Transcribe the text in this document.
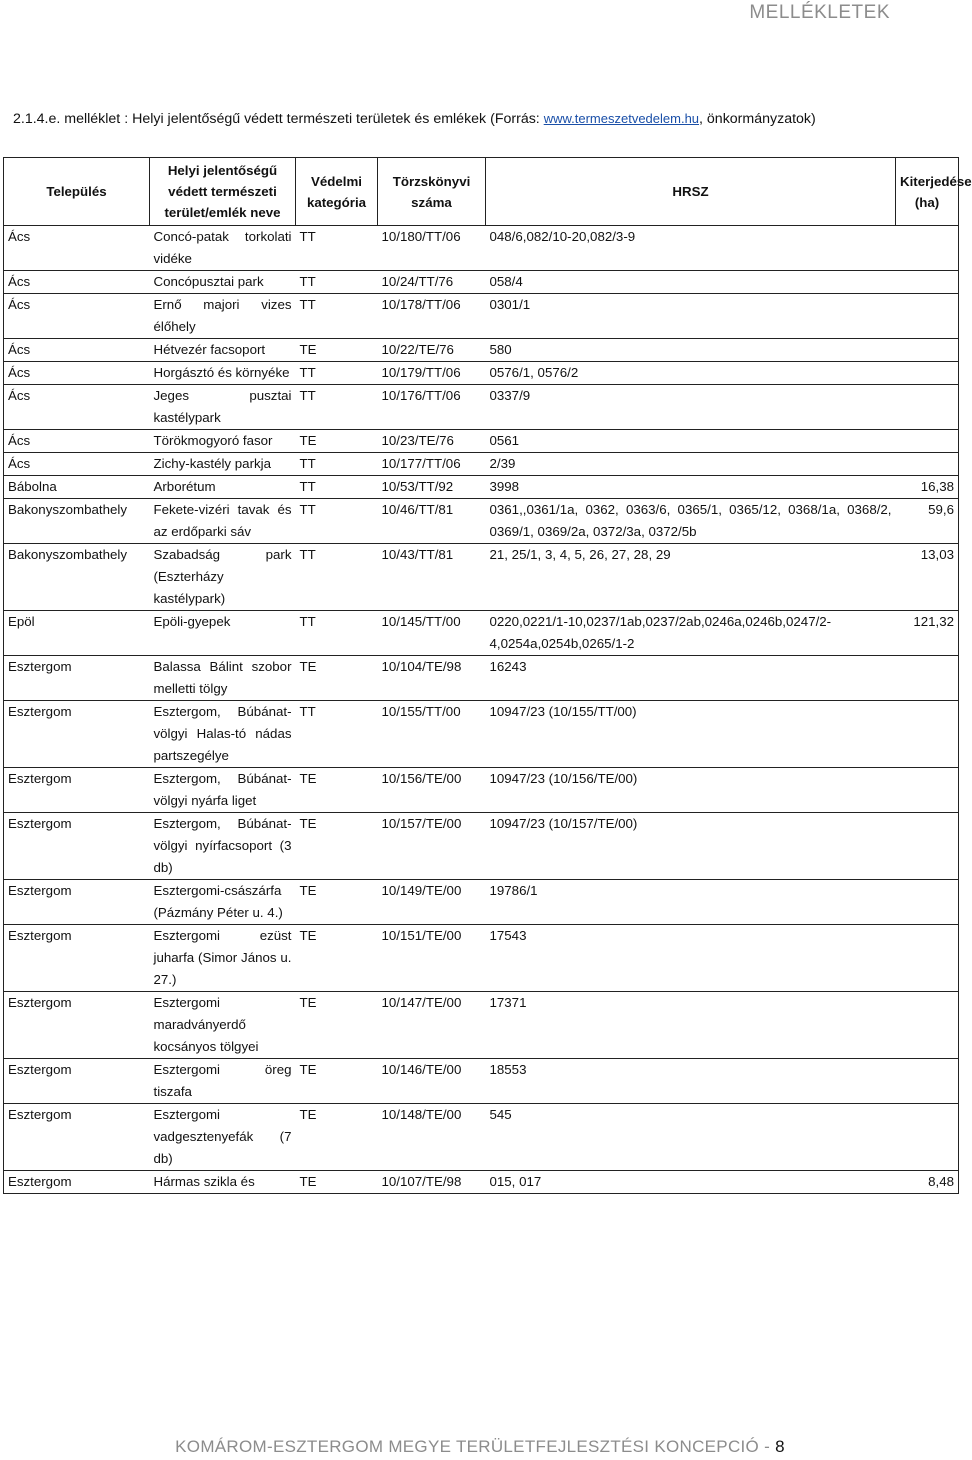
MELLÉKLETEK
2.1.4.e. melléklet : Helyi jelentőségű védett természeti területek és emlékek (Forrás: www.termeszetvedelem.hu, önkormányzatok)
Település	Helyi jelentőségű védett természeti terület/emlék neve	Védelmi kategória	Törzskönyvi száma	HRSZ	Kiterjedése (ha)
Ács	Concó-patak torkolati vidéke	TT	10/180/TT/06	048/6,082/10-20,082/3-9	
Ács	Concópusztai park	TT	10/24/TT/76	058/4	
Ács	Ernő majori vizes élőhely	TT	10/178/TT/06	0301/1	
Ács	Hétvezér facsoport	TE	10/22/TE/76	580	
Ács	Horgásztó és környéke	TT	10/179/TT/06	0576/1, 0576/2	
Ács	Jeges pusztai kastélypark	TT	10/176/TT/06	0337/9	
Ács	Törökmogyoró fasor	TE	10/23/TE/76	0561	
Ács	Zichy-kastély parkja	TT	10/177/TT/06	2/39	
Bábolna	Arborétum	TT	10/53/TT/92	3998	16,38
Bakonyszombathely	Fekete-vizéri tavak és az erdőparki sáv	TT	10/46/TT/81	0361,,0361/1a, 0362, 0363/6, 0365/1, 0365/12, 0368/1a, 0368/2, 0369/1, 0369/2a, 0372/3a, 0372/5b	59,6
Bakonyszombathely	Szabadság park (Eszterházy kastélypark)	TT	10/43/TT/81	21, 25/1, 3, 4, 5, 26, 27, 28, 29	13,03
Epöl	Epöli-gyepek	TT	10/145/TT/00	0220,0221/1-10,0237/1ab,0237/2ab,0246a,0246b,0247/2-4,0254a,0254b,0265/1-2	121,32
Esztergom	Balassa Bálint szobor melletti tölgy	TE	10/104/TE/98	16243	
Esztergom	Esztergom, Búbánat-völgyi Halas-tó nádas partszegélye	TT	10/155/TT/00	10947/23 (10/155/TT/00)	
Esztergom	Esztergom, Búbánat-völgyi nyárfa liget	TE	10/156/TE/00	10947/23 (10/156/TE/00)	
Esztergom	Esztergom, Búbánat-völgyi nyírfacsoport (3 db)	TE	10/157/TE/00	10947/23 (10/157/TE/00)	
Esztergom	Esztergomi-császárfa (Pázmány Péter u. 4.)	TE	10/149/TE/00	19786/1	
Esztergom	Esztergomi ezüst juharfa (Simor János u. 27.)	TE	10/151/TE/00	17543	
Esztergom	Esztergomi maradványerdő kocsányos tölgyei	TE	10/147/TE/00	17371	
Esztergom	Esztergomi öreg tiszafa	TE	10/146/TE/00	18553	
Esztergom	Esztergomi vadgesztenyefák (7 db)	TE	10/148/TE/00	545	
Esztergom	Hármas szikla és	TE	10/107/TE/98	015, 017	8,48
KOMÁROM-ESZTERGOM MEGYE TERÜLETFEJLESZTÉSI KONCEPCIÓ - 8
